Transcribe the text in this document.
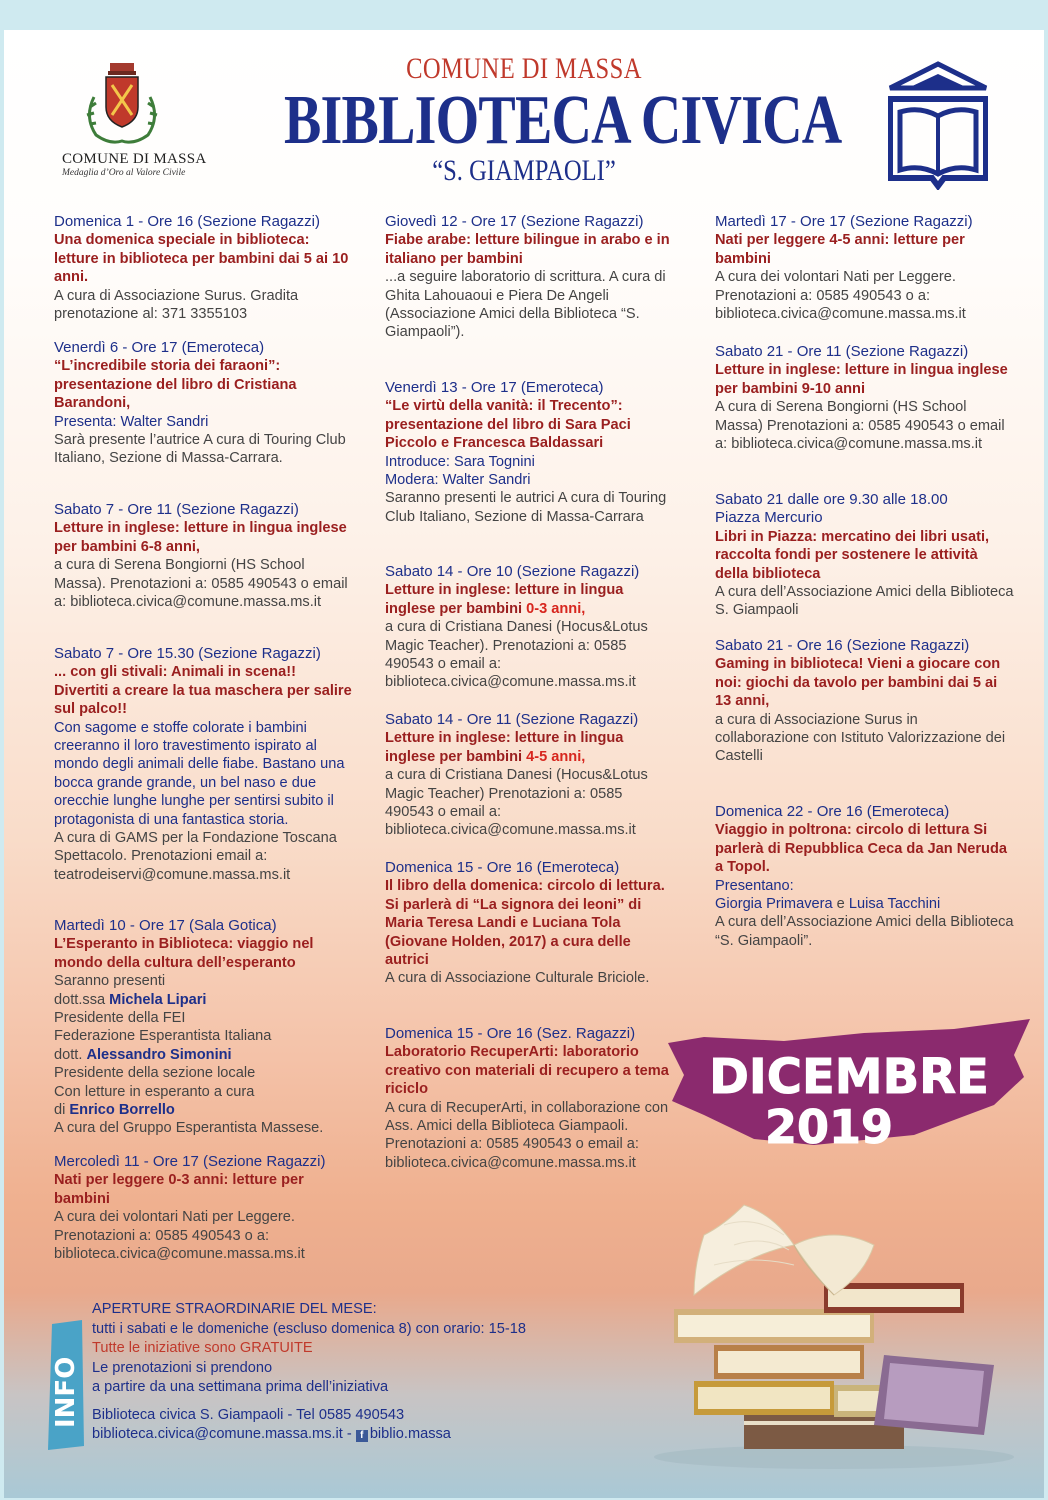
COMUNE DI MASSA
Medaglia d’Oro al Valore Civile
COMUNE DI MASSA
BIBLIOTECA CIVICA
“S. GIAMPAOLI”
Domenica 1 - Ore 16 (Sezione Ragazzi)
Una domenica speciale in biblioteca: letture in biblioteca per bambini dai 5 ai 10 anni.
A cura di Associazione Surus. Gradita prenotazione al: 371 3355103
Venerdì 6 - Ore 17 (Emeroteca)
“L’incredibile storia dei faraoni”: presentazione del libro di Cristiana Barandoni,
Presenta: Walter Sandri
Sarà presente l’autrice A cura di Touring Club Italiano, Sezione di Massa-Carrara.
Sabato 7 - Ore 11 (Sezione Ragazzi)
Letture in inglese: letture in lingua inglese per bambini 6-8 anni,
a cura di Serena Bongiorni (HS School Massa). Prenotazioni a: 0585 490543 o email a: biblioteca.civica@comune.massa.ms.it
Sabato 7 - Ore 15.30 (Sezione Ragazzi)
... con gli stivali: Animali in scena!! Divertiti a creare la tua maschera per salire sul palco!!
Con sagome e stoffe colorate i bambini creeranno il loro travestimento ispirato al mondo degli animali delle fiabe. Bastano una bocca grande grande, un bel naso e due orecchie lunghe lunghe per sentirsi subito il protagonista di una fantastica storia.
A cura di GAMS per la Fondazione Toscana Spettacolo. Prenotazioni email a: teatrodeiservi@comune.massa.ms.it
Martedì 10 - Ore 17 (Sala Gotica)
L’Esperanto in Biblioteca: viaggio nel mondo della cultura dell’esperanto
Saranno presenti
dott.ssa Michela Lipari
Presidente della FEI
Federazione Esperantista Italiana
dott. Alessandro Simonini
Presidente della sezione locale
Con letture in esperanto a cura
di Enrico Borrello
A cura del Gruppo Esperantista Massese.
Mercoledì 11 - Ore 17 (Sezione Ragazzi)
Nati per leggere 0-3 anni: letture per bambini
A cura dei volontari Nati per Leggere. Prenotazioni a: 0585 490543 o a: biblioteca.civica@comune.massa.ms.it
Giovedì 12 - Ore 17 (Sezione Ragazzi)
Fiabe arabe: letture bilingue in arabo e in italiano per bambini
...a seguire laboratorio di scrittura. A cura di Ghita Lahouaoui e Piera De Angeli (Associazione Amici della Biblioteca “S. Giampaoli”).
Venerdì 13 - Ore 17 (Emeroteca)
“Le virtù della vanità: il Trecento”: presentazione del libro di Sara Paci Piccolo e Francesca Baldassari
Introduce: Sara Tognini
Modera: Walter Sandri
Saranno presenti le autrici A cura di Touring Club Italiano, Sezione di Massa-Carrara
Sabato 14 - Ore 10 (Sezione Ragazzi)
Letture in inglese: letture in lingua inglese per bambini 0-3 anni,
a cura di Cristiana Danesi (Hocus&Lotus Magic Teacher). Prenotazioni a: 0585 490543 o email a: biblioteca.civica@comune.massa.ms.it
Sabato 14 - Ore 11 (Sezione Ragazzi)
Letture in inglese: letture in lingua inglese per bambini 4-5 anni,
a cura di Cristiana Danesi (Hocus&Lotus Magic Teacher) Prenotazioni a: 0585 490543 o email a: biblioteca.civica@comune.massa.ms.it
Domenica 15 - Ore 16 (Emeroteca)
Il libro della domenica: circolo di lettura. Si parlerà di “La signora dei leoni” di Maria Teresa Landi e Luciana Tola (Giovane Holden, 2017) a cura delle autrici
A cura di Associazione Culturale Briciole.
Domenica 15 - Ore 16 (Sez. Ragazzi)
Laboratorio RecuperArti: laboratorio creativo con materiali di recupero a tema riciclo
A cura di RecuperArti, in collaborazione con Ass. Amici della Biblioteca Giampaoli. Prenotazioni a: 0585 490543 o email a: biblioteca.civica@comune.massa.ms.it
Martedì 17 - Ore 17 (Sezione Ragazzi)
Nati per leggere 4-5 anni: letture per bambini
A cura dei volontari Nati per Leggere. Prenotazioni a: 0585 490543 o a: biblioteca.civica@comune.massa.ms.it
Sabato 21 - Ore 11 (Sezione Ragazzi)
Letture in inglese: letture in lingua inglese per bambini 9-10 anni
A cura di Serena Bongiorni (HS School Massa) Prenotazioni a: 0585 490543 o email a: biblioteca.civica@comune.massa.ms.it
Sabato 21 dalle ore 9.30 alle 18.00
Piazza Mercurio
Libri in Piazza: mercatino dei libri usati, raccolta fondi per sostenere le attività della biblioteca
A cura dell’Associazione Amici della Biblioteca S. Giampaoli
Sabato 21 - Ore 16 (Sezione Ragazzi)
Gaming in biblioteca! Vieni a giocare con noi: giochi da tavolo per bambini dai 5 ai 13 anni,
a cura di Associazione Surus in collaborazione con Istituto Valorizzazione dei Castelli
Domenica 22 - Ore 16 (Emeroteca)
Viaggio in poltrona: circolo di lettura Si parlerà di Repubblica Ceca da Jan Neruda a Topol.
Presentano:
Giorgia Primavera e Luisa Tacchini
A cura dell’Associazione Amici della Biblioteca “S. Giampaoli”.
DICEMBRE
2019
INFO
APERTURE STRAORDINARIE DEL MESE:
tutti i sabati e le domeniche (escluso domenica 8) con orario: 15-18
Tutte le iniziative sono GRATUITE
Le prenotazioni si prendono
a partire da una settimana prima dell’iniziativa
Biblioteca civica S. Giampaoli - Tel 0585 490543
biblioteca.civica@comune.massa.ms.it - f biblio.massa
